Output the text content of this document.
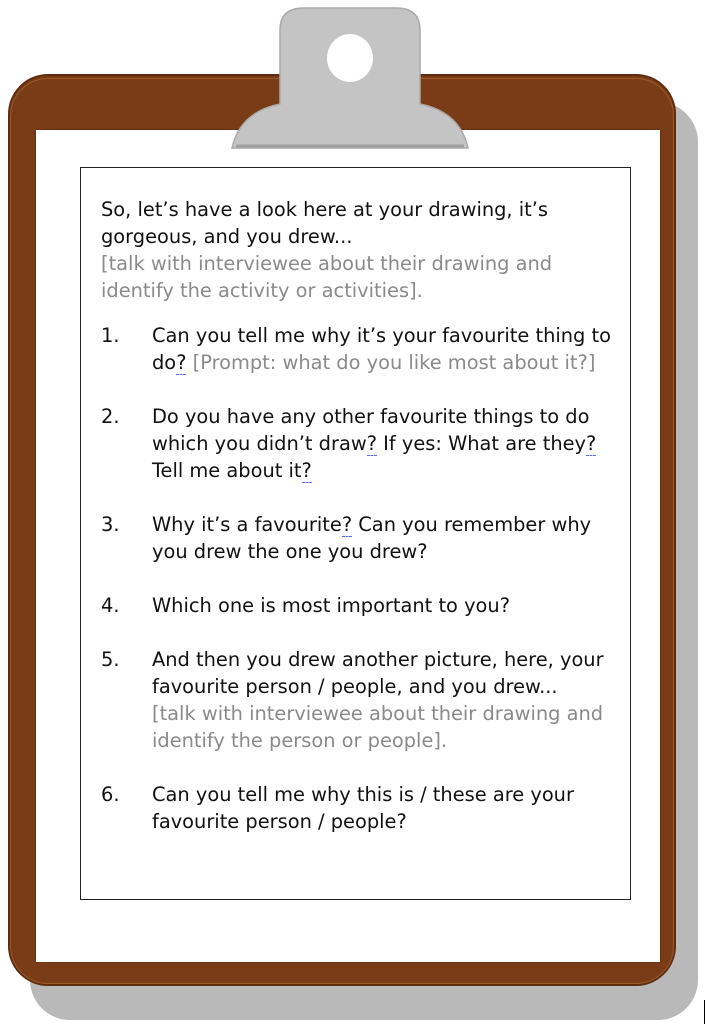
So, let’s have a look here at your drawing, it’s gorgeous, and you drew...
[talk with interviewee about their drawing and identify the activity or activities].

1. Can you tell me why it’s your favourite thing to do? [Prompt: what do you like most about it?]

2. Do you have any other favourite things to do which you didn’t draw? If yes: What are they? Tell me about it?

3. Why it’s a favourite? Can you remember why you drew the one you drew?

4. Which one is most important to you?

5. And then you drew another picture, here, your favourite person / people, and you drew...
[talk with interviewee about their drawing and identify the person or people].

6. Can you tell me why this is / these are your favourite person / people?
